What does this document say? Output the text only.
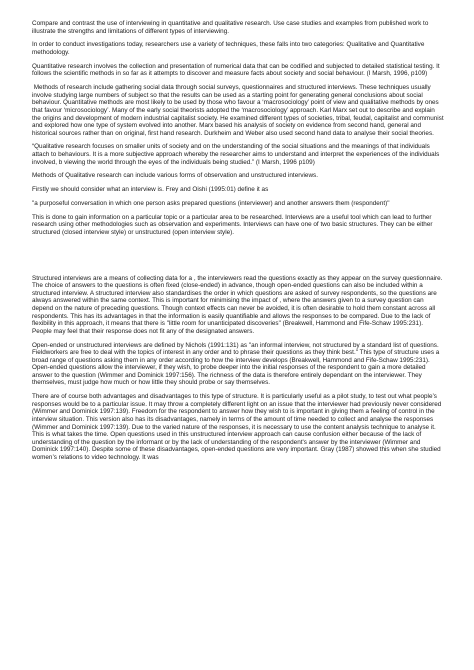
Compare and contrast the use of interviewing in quantitative and qualitative research. Use case studies and examples from published work to illustrate the strengths and limitations of different types of interviewing.

In order to conduct investigations today, researchers use a variety of techniques, these falls into two categories: Qualitative and Quantitative methodology.

Quantitative research involves the collection and presentation of numerical data that can be codified and subjected to detailed statistical testing. It follows the scientific methods in so far as it attempts to discover and measure facts about society and social behaviour. (I Marsh, 1996, p109)

Methods of research include gathering social data through social surveys, questionnaires and structured interviews. These techniques usually involve studying large numbers of subject so that the results can be used as a starting point for generating general conclusions about social behaviour. Quantitative methods are most likely to be used by those who favour a ‘macrosociology’ point of view and qualitative methods by ones that favour ‘microsociology’. Many of the early social theorists adopted the ‘macrosociology’ approach. Karl Marx set out to describe and explain the origins and development of modern industrial capitalist society. He examined different types of societies, tribal, feudal, capitalist and communist and explored how one type of system evolved into another. Marx based his analysis of society on evidence from second hand, general and historical sources rather than on original, first hand research. Durkheim and Weber also used second hand data to analyse their social theories.

“Qualitative research focuses on smaller units of society and on the understanding of the social situations and the meanings of that individuals attach to behaviours. It is a more subjective approach whereby the researcher aims to understand and interpret the experiences of the individuals involved, b viewing the world through the eyes of the individuals being studied.” (I Marsh, 1996 p109)

Methods of Qualitative research can include various forms of observation and unstructured interviews.

Firstly we should consider what an interview is. Frey and Oishi (1995:01) define it as

"a purposeful conversation in which one person asks prepared questions (interviewer) and another answers them (respondent)"

This is done to gain information on a particular topic or a particular area to be researched. Interviews are a useful tool which can lead to further research using other methodologies such as observation and experiments. Interviews can have one of two basic structures. They can be either structured (closed interview style) or unstructured (open interview style).

Structured interviews are a means of collecting data for a , the interviewers read the questions exactly as they appear on the survey questionnaire. The choice of answers to the questions is often fixed (close-ended) in advance, though open-ended questions can also be included within a structured interview. A structured interview also standardises the order in which questions are asked of survey respondents, so the questions are always answered within the same context. This is important for minimising the impact of , where the answers given to a survey question can depend on the nature of preceding questions. Though context effects can never be avoided, it is often desirable to hold them constant across all respondents. This has its advantages in that the information is easily quantifiable and allows the responses to be compared. Due to the lack of flexibility in this approach, it means that there is "little room for unanticipated discoveries" (Breakwell, Hammond and Fife-Schaw 1995:231). People may feel that their response does not fit any of the designated answers.

Open-ended or unstructured interviews are defined by Nichols (1991:131) as "an informal interview, not structured by a standard list of questions. Fieldworkers are free to deal with the topics of interest in any order and to phrase their questions as they think best." This type of structure uses a broad range of questions asking them in any order according to how the interview develops (Breakwell, Hammond and Fife-Schaw 1995:231). Open-ended questions allow the interviewer, if they wish, to probe deeper into the initial responses of the respondent to gain a more detailed answer to the question (Wimmer and Dominick 1997:156). The richness of the data is therefore entirely dependant on the interviewer. They themselves, must judge how much or how little they should probe or say themselves.

There are of course both advantages and disadvantages to this type of structure. It is particularly useful as a pilot study, to test out what people’s responses would be to a particular issue. It may throw a completely different light on an issue that the interviewer had previously never considered (Wimmer and Dominick 1997:139). Freedom for the respondent to answer how they wish to is important in giving them a feeling of control in the interview situation. This version also has its disadvantages, namely in terms of the amount of time needed to collect and analyse the responses (Wimmer and Dominick 1997:139). Due to the varied nature of the responses, it is necessary to use the content analysis technique to analyse it. This is what takes the time. Open questions used in this unstructured interview approach can cause confusion either because of the lack of understanding of the question by the informant or by the lack of understanding of the respondent's answer by the interviewer (Wimmer and Dominick 1997:140). Despite some of these disadvantages, open-ended questions are very important. Gray (1987) showed this when she studied women’s relations to video technology. It was
